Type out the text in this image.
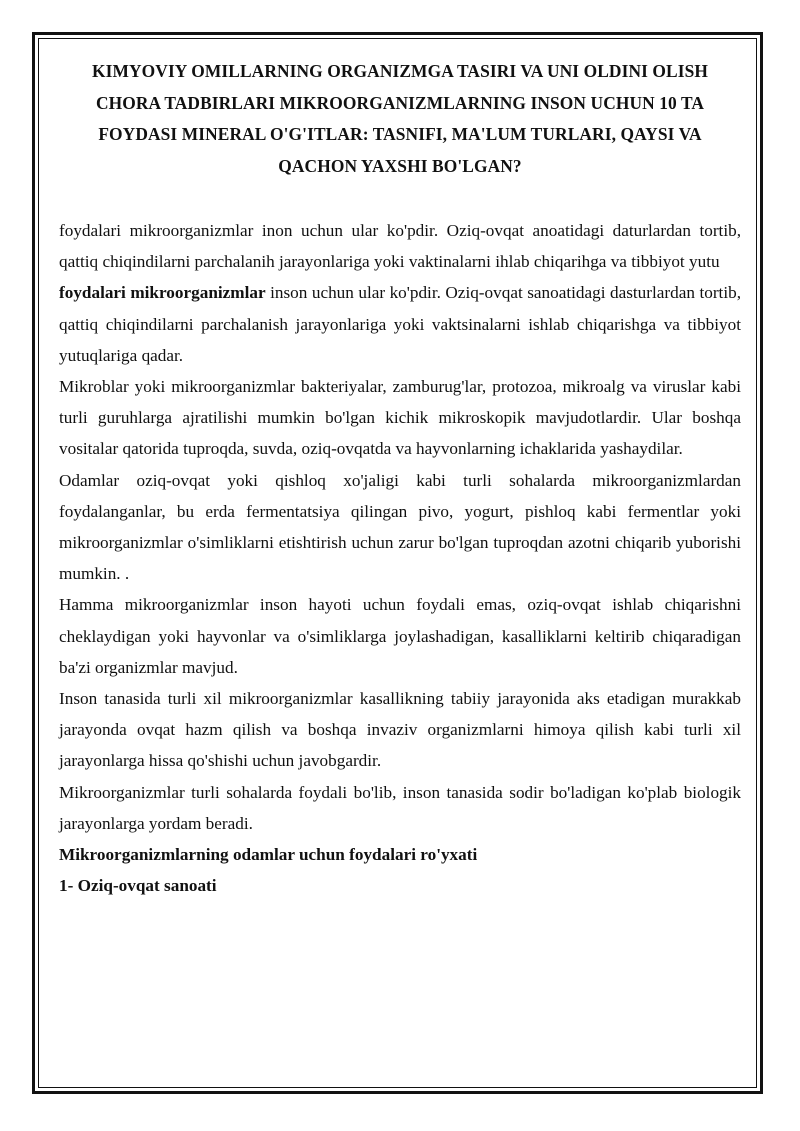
KIMYOVIY OMILLARNING ORGANIZMGA TASIRI VA UNI OLDINI OLISH CHORA TADBIRLARI MIKROORGANIZMLARNING INSON UCHUN 10 TA FOYDASI MINERAL O'G'ITLAR: TASNIFI, MA'LUM TURLARI, QAYSI VA QACHON YAXSHI BO'LGAN?

foydalari mikroorganizmlar inon uchun ular ko'pdir. Oziq-ovqat anoatidagi daturlardan tortib, qattiq chiqindilarni parchalanih jarayonlariga yoki vaktinalarni ihlab chiqarihga va tibbiyot yutu

foydalari mikroorganizmlar inson uchun ular ko'pdir. Oziq-ovqat sanoatidagi dasturlardan tortib, qattiq chiqindilarni parchalanish jarayonlariga yoki vaktsinalarni ishlab chiqarishga va tibbiyot yutuqlariga qadar.

Mikroblar yoki mikroorganizmlar bakteriyalar, zamburug'lar, protozoa, mikroalg va viruslar kabi turli guruhlarga ajratilishi mumkin bo'lgan kichik mikroskopik mavjudotlardir. Ular boshqa vositalar qatorida tuproqda, suvda, oziq-ovqatda va hayvonlarning ichaklarida yashaydilar.

Odamlar oziq-ovqat yoki qishloq xo'jaligi kabi turli sohalarda mikroorganizmlardan foydalanganlar, bu erda fermentatsiya qilingan pivo, yogurt, pishloq kabi fermentlar yoki mikroorganizmlar o'simliklarni etishtirish uchun zarur bo'lgan tuproqdan azotni chiqarib yuborishi mumkin. .

Hamma mikroorganizmlar inson hayoti uchun foydali emas, oziq-ovqat ishlab chiqarishni cheklaydigan yoki hayvonlar va o'simliklarga joylashadigan, kasalliklarni keltirib chiqaradigan ba'zi organizmlar mavjud.

Inson tanasida turli xil mikroorganizmlar kasallikning tabiiy jarayonida aks etadigan murakkab jarayonda ovqat hazm qilish va boshqa invaziv organizmlarni himoya qilish kabi turli xil jarayonlarga hissa qo'shishi uchun javobgardir.

Mikroorganizmlar turli sohalarda foydali bo'lib, inson tanasida sodir bo'ladigan ko'plab biologik jarayonlarga yordam beradi.

Mikroorganizmlarning odamlar uchun foydalari ro'yxati

1- Oziq-ovqat sanoati
